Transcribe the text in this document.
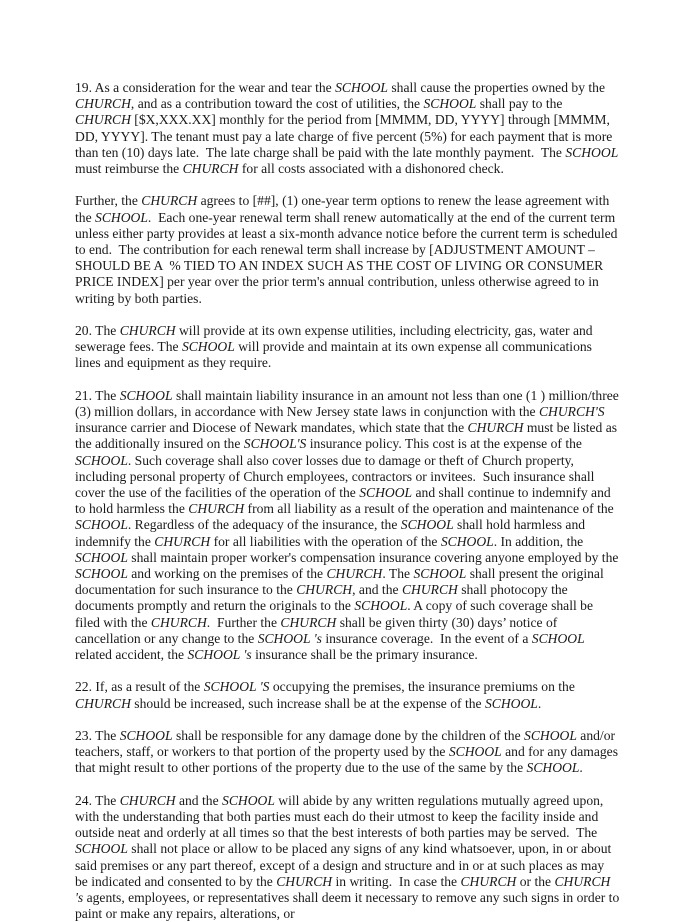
19. As a consideration for the wear and tear the SCHOOL shall cause the properties owned by the CHURCH, and as a contribution toward the cost of utilities, the SCHOOL shall pay to the CHURCH [$X,XXX.XX] monthly for the period from [MMMM, DD, YYYY] through [MMMM, DD, YYYY]. The tenant must pay a late charge of five percent (5%) for each payment that is more than ten (10) days late.  The late charge shall be paid with the late monthly payment.  The SCHOOL must reimburse the CHURCH for all costs associated with a dishonored check.

Further, the CHURCH agrees to [##], (1) one-year term options to renew the lease agreement with the SCHOOL.  Each one-year renewal term shall renew automatically at the end of the current term unless either party provides at least a six-month advance notice before the current term is scheduled to end.  The contribution for each renewal term shall increase by [ADJUSTMENT AMOUNT –  SHOULD BE A  % TIED TO AN INDEX SUCH AS THE COST OF LIVING OR CONSUMER PRICE INDEX] per year over the prior term's annual contribution, unless otherwise agreed to in writing by both parties.

20. The CHURCH will provide at its own expense utilities, including electricity, gas, water and sewerage fees. The SCHOOL will provide and maintain at its own expense all communications lines and equipment as they require.

21. The SCHOOL shall maintain liability insurance in an amount not less than one (1 ) million/three (3) million dollars, in accordance with New Jersey state laws in conjunction with the CHURCH'S insurance carrier and Diocese of Newark mandates, which state that the CHURCH must be listed as the additionally insured on the SCHOOL'S insurance policy. This cost is at the expense of the SCHOOL. Such coverage shall also cover losses due to damage or theft of Church property, including personal property of Church employees, contractors or invitees.  Such insurance shall cover the use of the facilities of the operation of the SCHOOL and shall continue to indemnify and to hold harmless the CHURCH from all liability as a result of the operation and maintenance of the SCHOOL. Regardless of the adequacy of the insurance, the SCHOOL shall hold harmless and indemnify the CHURCH for all liabilities with the operation of the SCHOOL. In addition, the SCHOOL shall maintain proper worker's compensation insurance covering anyone employed by the SCHOOL and working on the premises of the CHURCH. The SCHOOL shall present the original documentation for such insurance to the CHURCH, and the CHURCH shall photocopy the documents promptly and return the originals to the SCHOOL. A copy of such coverage shall be filed with the CHURCH.  Further the CHURCH shall be given thirty (30) days’ notice of cancellation or any change to the SCHOOL 's insurance coverage.  In the event of a SCHOOL related accident, the SCHOOL 's insurance shall be the primary insurance.

22. If, as a result of the SCHOOL 'S occupying the premises, the insurance premiums on the CHURCH should be increased, such increase shall be at the expense of the SCHOOL.

23. The SCHOOL shall be responsible for any damage done by the children of the SCHOOL and/or teachers, staff, or workers to that portion of the property used by the SCHOOL and for any damages that might result to other portions of the property due to the use of the same by the SCHOOL.

24. The CHURCH and the SCHOOL will abide by any written regulations mutually agreed upon, with the understanding that both parties must each do their utmost to keep the facility inside and outside neat and orderly at all times so that the best interests of both parties may be served.  The SCHOOL shall not place or allow to be placed any signs of any kind whatsoever, upon, in or about said premises or any part thereof, except of a design and structure and in or at such places as may be indicated and consented to by the CHURCH in writing.  In case the CHURCH or the CHURCH 's agents, employees, or representatives shall deem it necessary to remove any such signs in order to paint or make any repairs, alterations, or
